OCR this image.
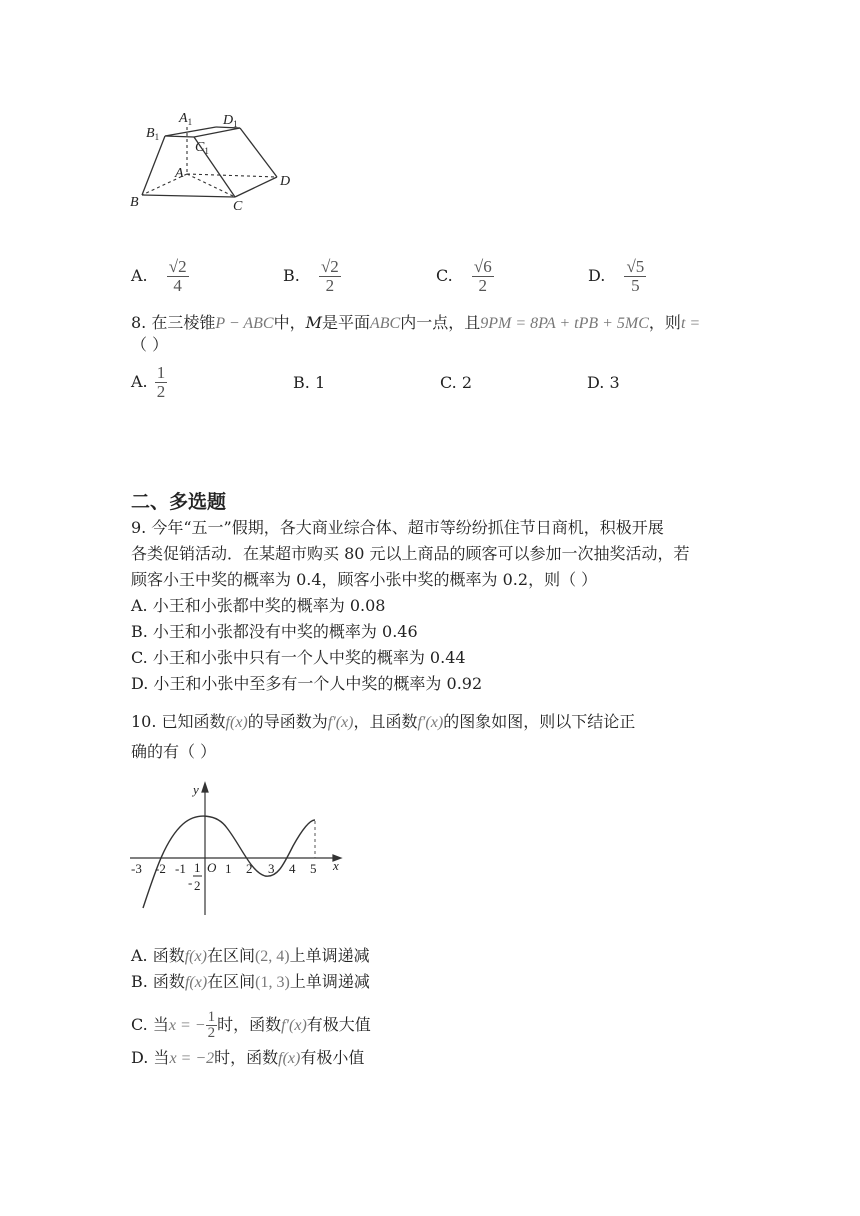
$A_1$ $D_1$
$B_1$
$C_1$
A
D
B	C
A. $\frac{√2}{4}$	B. $\frac{√2}{2}$	C. $\frac{√6}{2}$	D. $\frac{√5}{5}$
8. 在三棱锥P − ABC中，M是平面ABC内一点，且9PM = 8PA + tPB + 5MC，则t =
（ ）
A. $\frac{1}{2}$	B. 1	C. 2	D. 3
二、多选题
9. 今年“五一”假期，各大商业综合体、超市等纷纷抓住节日商机，积极开展
各类促销活动．在某超市购买 80 元以上商品的顾客可以参加一次抽奖活动，若
顾客小王中奖的概率为 0.4，顾客小张中奖的概率为 0.2，则（ ）
A. 小王和小张都中奖的概率为 0.08
B. 小王和小张都没有中奖的概率为 0.46
C. 小王和小张中只有一个人中奖的概率为 0.44
D. 小王和小张中至多有一个人中奖的概率为 0.92
10. 已知函数f(x)的导函数为f′(x)，且函数f′(x)的图象如图，则以下结论正
确的有（ ）
y
x
O
-3 -2 -1	1 2 3 4 5
-
1
2
A. 函数f(x)在区间(2, 4)上单调递减
B. 函数f(x)在区间(1, 3)上单调递减
C. 当x = − $\frac{1}{2}$ 时，函数f′(x)有极大值
D. 当x = −2时，函数f(x)有极小值
